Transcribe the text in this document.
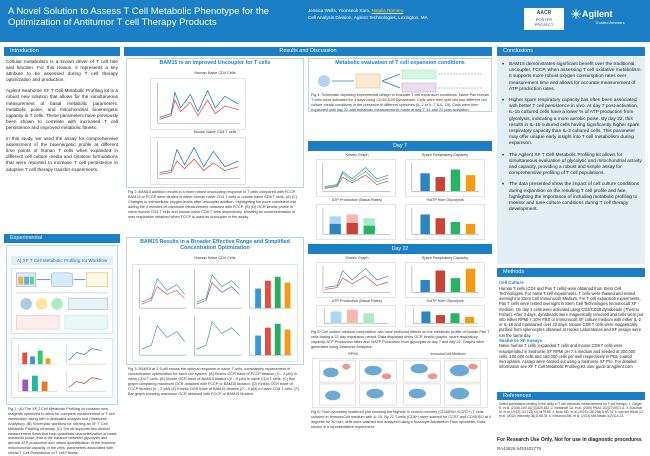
A Novel Solution to Assess T Cell Metabolic Phenotype for the Optimization of Antitumor T cell Therapy Products
Jessica Wells, Yoonseok Kam, Natalia Romero
Cell Analysis Division, Agilent Technologies, Lexington, MA
AACR
POSTER
PROJECT
Agilent
Trusted Answers
Introduction

Cellular metabolism is a known driver of T cell fate and function. For this reason, it represents a key attribute to be assessed during T cell therapy optimization and production.

Agilent Seahorse XF T Cell Metabolic Profiling kit is a robust new solution that allows for the simultaneous measurement of basal metabolic parameters, metabolic poise, and mitochondrial bioenergetic capacity in T cells. These parameters have previously been shown to correlate with increased T cell persistence and improved metabolic fitness.

In this study, we used the assay for comprehensive assessment of the bioenergetic profile at different time points of human T cells when expanded in different cell culture media and cytokine formulations that were reported to increase T cell persistence in adoptive T cell therapy transfer experiments.

Experimental
A) XF T Cell Metabolic Profiling Kit Workflow
Fig 1: (A) The XF T Cell Metabolic Profiling kit contains new reagents optimized to allow for complete measurement of T cell metabolism along with a dedicated analysis tool (Seahorse Analytics). (B) Schematic workflow for running an XF T Cell Metabolic Profiling kit assay. (C) The kit supports two distinct measurement flows that help quantitate characterization of basal metabolic poise, that is the balance between glycolysis and aerobic ATP production and robust quantification of the maximal mitochondrial capacity of the cells, parameters associated with robust T Cell Persistence of T cell Fitness.
Results and Discussion
BAM15 is an Improved Uncoupler for T cells
Human Naive CD4 Cells
Mouse Naive CD4 T cells
Fig 2: BAM15 addition results in a more robust uncoupling response in T cells compared with FCCP. BAM15 or FCCP were titrated in either human naive CD4 T cells or mouse naive CD8 T cells. (A) (C) Changes in extracellular oxygen levels after uncoupler addition, highlighting the more consistent rise during the 3 minutes of maximum measurement obtained with FCCP. (B) (D) OCR kinetic profile in naive human CD4 T cells and mouse naive CD8 T cells respectively, showing an underestimation of max respiration obtained when FCCP is used as uncoupler in the assay.
BAM15 Results in a Broader Effective Range and Simplified Concentration Optimization
Human Naive CD4 Cells
Fig 3: BAM15 at 2.5 μM shows the optimal response in naive T cells, consistently replacement of concentration optimization for each cell system. (A) Kinetic OCR trace of FCCP titration (0 – 2 μM) in naive CD4 T cells. (B) Kinetic OCR trace of BAM15 titration (0 – 5 μM) in naive CD4 T cells. (C) Bar graph comparing maximum OCR obtained with FCCP or BAM15 titration. (D) Kinetic OCR trace of FCCP titration (0 – 2 μM) (E) Kinetic OCR trace of BAM15 titration (0 – 5 μM) in naive CD8 T cells. (F) Bar graph showing maximum OCR obtained with FCCP or BAM15 titration.
Metabolic evaluation of T cell expansion conditions
Fig 4: Schematic depicting experimental design to evaluate T cell expansion conditions. Naive Pan human T cells were activated for 3 days using CD3/CD28 Dynabeads. Cells were then split into two different cell culture media conditions in the presence of different cytokines (IL-2 or IL-7 & IL-15). Cells were then expanded until day 22 with metabolic measurements made at day 7, 11 and 22 post activation.
Day 7
Kinetic Graph	Spare Respiratory Capacity
ATP Production (Basal Rates)	%ATP from Glycolysis
Day 22
Kinetic Graph	Spare Respiratory Capacity
ATP Production (Basal Rates)	%ATP from Glycolysis
Fig 5: Cell culture medium composition can have profound effects on the metabolic profile of human Pan T cells during a 22-day expansion period. Data displayed show OCR kinetic graphs, spare respiratory capacity, ATP Production rates and %ATP Production from glycolysis at day 7 and day 22. Graphs were generated using Seahorse Analytics.
RPMI	ImmunoCult Medium
Fig 6: Flow cytometry scattered plot showing the highest % central memory (CD45RA+/CCR7+) T cells cultured in ImmunoCult medium with IL-15. By 22 T cells (CD8+) were stained for CCR7 and CD45 RO at 4 degrees for 30 min; cells were washed and analyzed using a Novocyte Advanteon Flow cytometer. Data shown is a representative experiment.
Conclusions
• BAM15 demonstrates significant benefit over the traditional uncoupler, FCCP, when assessing T cell oxidative metabolism. It supports more robust oxygen consumption rates over measurement time and allows for accurate measurement of ATP production rates.
• Higher spare respiratory capacity has often been associated with better T cell persistence in vivo. At day 7 post-activation, IL-15 cultured cells have a lower % of ATP production from glycolysis, indicating a more aerobic poise. By day 22, this results in IL-15 cultured cells having significantly higher spare respiratory capacity than IL-2 cultured cells. This parameter may offer unique early insight into T cell metabolism during expansion.
• The Agilent XF T Cell Metabolic Profiling kit allows for simultaneous evaluation of glycolytic and mitochondrial activity and capacity, providing a robust and simple assay for comprehensive profiling of T cell populations.
• The data presented show the impact of cell culture conditions during expansion on the resulting T cell profile and fate, highlighting the importance of including metabolic profiling to monitor and tune culture conditions during T cell therapy development.
Methods
Cell Culture
Human T cells (CD4 and Pan T cells) were obtained from Stem Cell Technologies. For naive T cell experiments, T cells were thawed and rested overnight in Stem Cell Immunocult Medium. For T cell expansion experiments, Pan T cells were rested overnight in Stem Cell Technologies Immunocult XF medium. On day 1 cells were activated using CD3/CD28 dynabeads (Thermo Fisher). After 3 days, dynabeads were magnetically removed and cells were put into either RPMI + 10% FBS or Immunocult XF culture medium with either IL-2 or IL-15 and maintained over 22 days. Mouse CD8 T cells were magnetically purified from splenocytes obtained at Hooke Laboratories and XF assays were run the same day.
Seahorse XF Assays
Naive human T cells, expanded T cells and mouse CD8 T cells were resuspended in Seahorse XF RPMI pH 7.4 medium and seeded at 200,000 cells, 100,000 cells and 150,000 cells per well respectively in PDL-coated microplates. Assays were carried out using a Seahorse XF Pro. For detailed information see XF T Cell Metabolic Profiling Kit user guide at Agilent.com
References
Select publications relating to the utility of T cell metabolic measurements for T cell therapy: 1. Geiger R, et al. (2016) Cell 167(3):829-842. 2. Klebanoff CA, et al. (2005) PNAS 102(27):9571-6. 3. Sukumar M, et al. (2013) JCI 123(10):4479-88. 4. Buck MD, et al. (2016) Cell 166(1):63-76. 5. van der Windt GJ, et al. (2012) Immunity 36(1):68-78. 6. Kenwood BM, et al. (2014) Mol Metab 3(2):114-23.
For Research Use Only. Not for use in diagnostic procedures
RA44826.5493402778
